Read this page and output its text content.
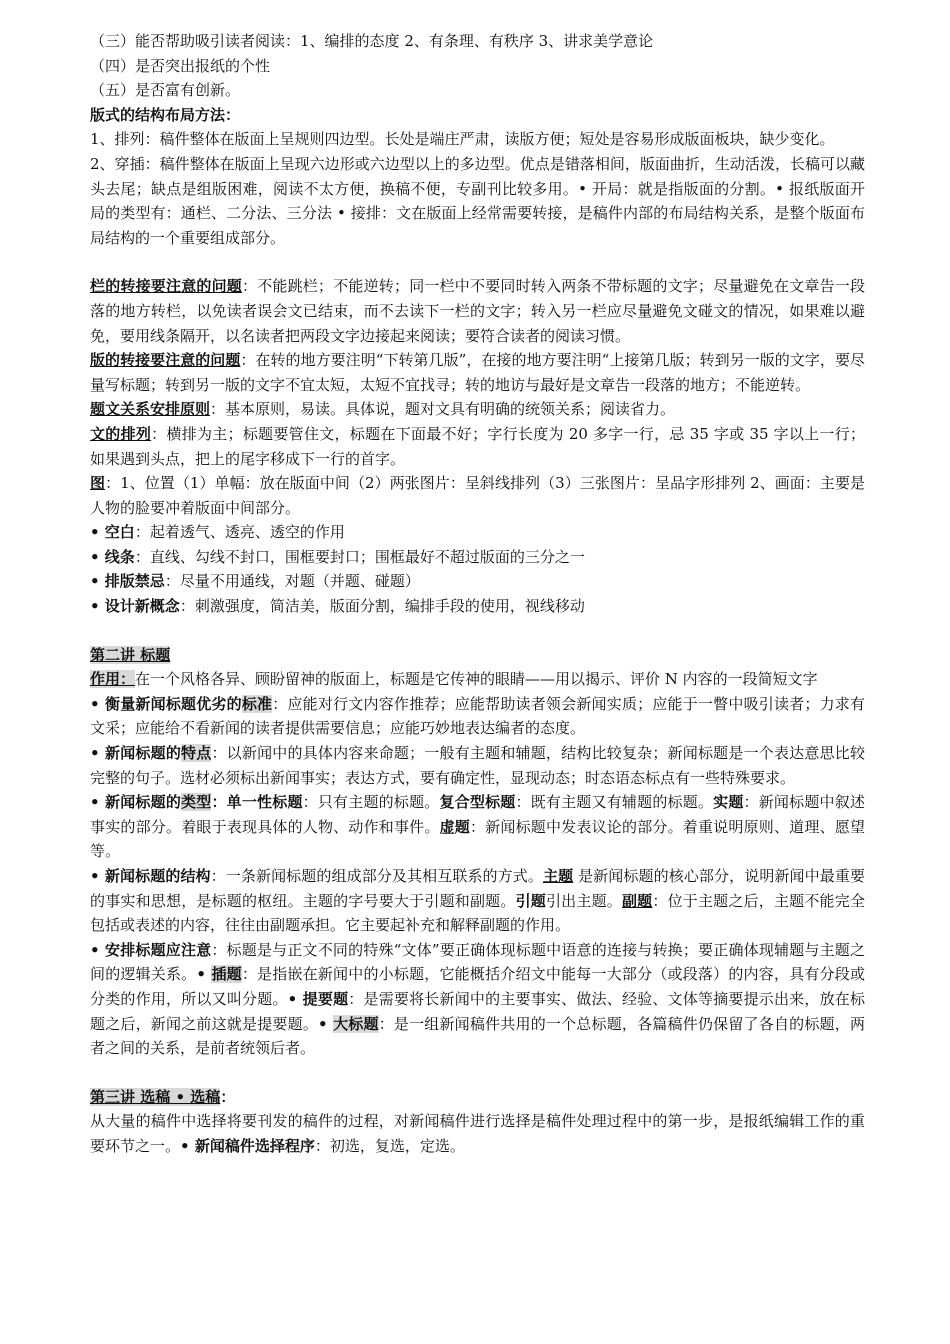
（三）能否帮助吸引读者阅读：1、编排的态度 2、有条理、有秩序 3、讲求美学意论

（四）是否突出报纸的个性

（五）是否富有创新。

版式的结构布局方法：

1、排列：稿件整体在版面上呈规则四边型。长处是端庄严肃，读版方便；短处是容易形成版面板块，缺少变化。

2、穿插：稿件整体在版面上呈现六边形或六边型以上的多边型。优点是错落相间，版面曲折，生动活泼，长稿可以藏头去尾；缺点是组版困难，阅读不太方便，换稿不便，专副刊比较多用。• 开局：就是指版面的分割。• 报纸版面开局的类型有：通栏、二分法、三分法 • 接排：文在版面上经常需要转接，是稿件内部的布局结构关系，是整个版面布局结构的一个重要组成部分。

栏的转接要注意的问题：不能跳栏；不能逆转；同一栏中不要同时转入两条不带标题的文字；尽量避免在文章告一段落的地方转栏，以免读者误会文已结束，而不去读下一栏的文字；转入另一栏应尽量避免文碰文的情况，如果难以避免，要用线条隔开，以名读者把两段文字边接起来阅读；要符合读者的阅读习惯。

版的转接要注意的问题：在转的地方要注明“下转第几版”，在接的地方要注明“上接第几版；转到另一版的文字，要尽量写标题；转到另一版的文字不宜太短，太短不宜找寻；转的地访与最好是文章告一段落的地方；不能逆转。

题文关系安排原则：基本原则，易读。具体说，题对文具有明确的统领关系；阅读省力。

文的排列：横排为主；标题要管住文，标题在下面最不好；字行长度为 20 多字一行，忌 35 字或 35 字以上一行；如果遇到头点，把上的尾字移成下一行的首字。

图：1、位置（1）单幅：放在版面中间（2）两张图片：呈斜线排列（3）三张图片：呈品字形排列 2、画面：主要是人物的脸要冲着版面中间部分。

• 空白：起着透气、透亮、透空的作用

• 线条：直线、勾线不封口，围框要封口；围框最好不超过版面的三分之一

• 排版禁忌：尽量不用通线，对题（并题、碰题）

• 设计新概念：刺激强度，简洁美，版面分割，编排手段的使用，视线移动

第二讲 标题

作用：在一个风格各异、顾盼留神的版面上，标题是它传神的眼睛——用以揭示、评价 N 内容的一段简短文字

• 衡量新闻标题优劣的标准：应能对行文内容作推荐；应能帮助读者领会新闻实质；应能于一瞥中吸引读者；力求有文采；应能给不看新闻的读者提供需要信息；应能巧妙地表达编者的态度。

• 新闻标题的特点：以新闻中的具体内容来命题；一般有主题和辅题，结构比较复杂；新闻标题是一个表达意思比较完整的句子。选材必须标出新闻事实；表达方式，要有确定性，显现动态；时态语态标点有一些特殊要求。

• 新闻标题的类型：单一性标题：只有主题的标题。复合型标题：既有主题又有辅题的标题。实题：新闻标题中叙述事实的部分。着眼于表现具体的人物、动作和事件。虚题：新闻标题中发表议论的部分。着重说明原则、道理、愿望等。

• 新闻标题的结构：一条新闻标题的组成部分及其相互联系的方式。主题 是新闻标题的核心部分，说明新闻中最重要的事实和思想，是标题的枢纽。主题的字号要大于引题和副题。引题引出主题。副题：位于主题之后，主题不能完全包括或表述的内容，往往由副题承担。它主要起补充和解释副题的作用。

• 安排标题应注意：标题是与正文不同的特殊“文体”要正确体现标题中语意的连接与转换；要正确体现辅题与主题之间的逻辑关系。• 插题：是指嵌在新闻中的小标题，它能概括介绍文中能每一大部分（或段落）的内容，具有分段或分类的作用，所以又叫分题。• 提要题：是需要将长新闻中的主要事实、做法、经验、文体等摘要提示出来，放在标题之后，新闻之前这就是提要题。• 大标题：是一组新闻稿件共用的一个总标题，各篇稿件仍保留了各自的标题，两者之间的关系，是前者统领后者。

第三讲 选稿 • 选稿：

从大量的稿件中选择将要刊发的稿件的过程，对新闻稿件进行选择是稿件处理过程中的第一步，是报纸编辑工作的重要环节之一。• 新闻稿件选择程序：初选，复选，定选。
